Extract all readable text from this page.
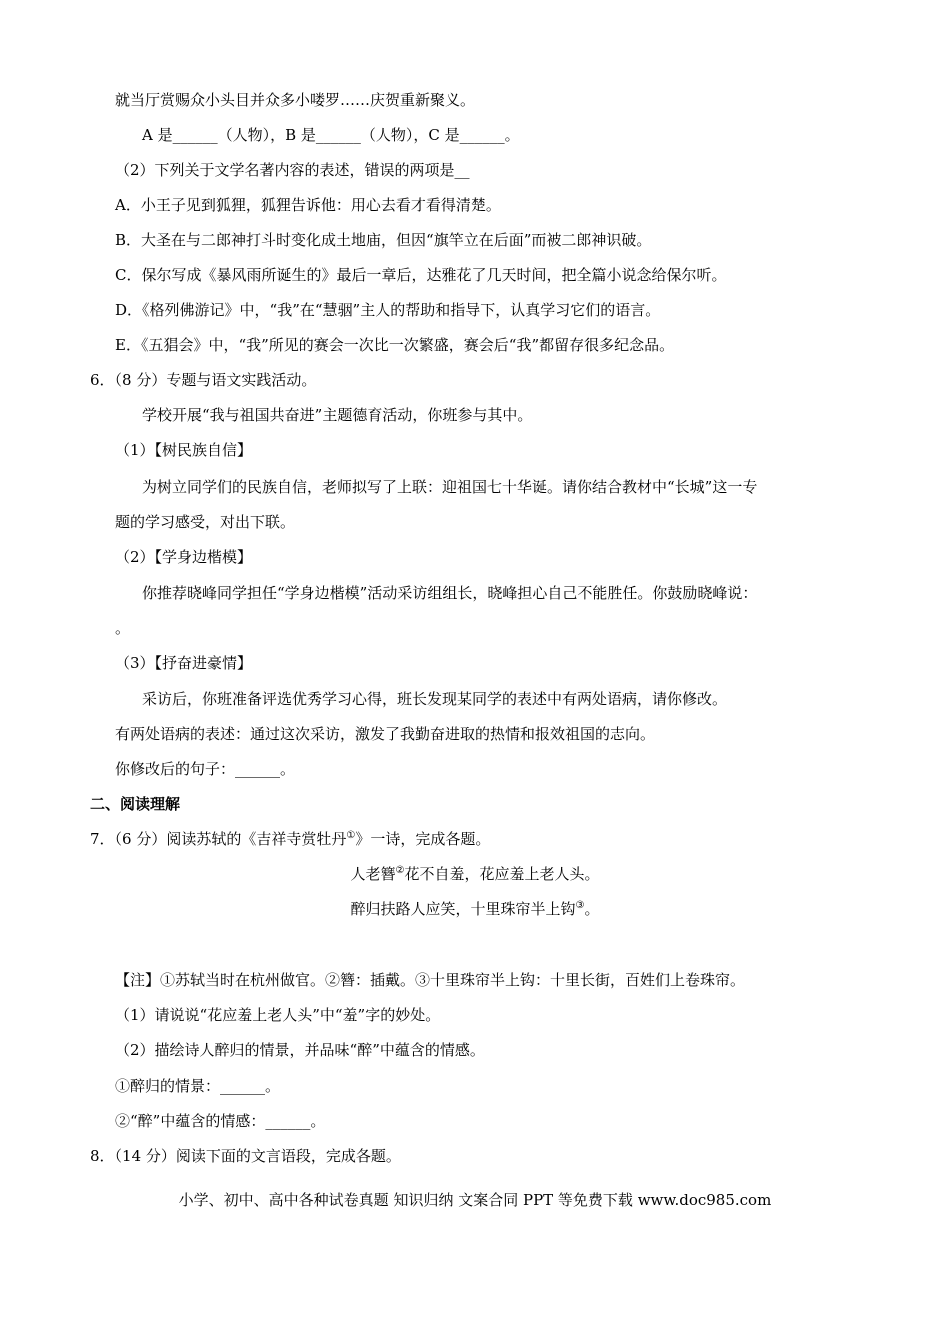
就当厅赏赐众小头目并众多小喽罗……庆贺重新聚义。
A 是______（人物），B 是______（人物），C 是______。
（2）下列关于文学名著内容的表述，错误的两项是__
A．小王子见到狐狸，狐狸告诉他：用心去看才看得清楚。
B．大圣在与二郎神打斗时变化成土地庙，但因“旗竿立在后面”而被二郎神识破。
C．保尔写成《暴风雨所诞生的》最后一章后，达雅花了几天时间，把全篇小说念给保尔听。
D．《格列佛游记》中，“我”在“慧骃”主人的帮助和指导下，认真学习它们的语言。
E．《五猖会》中，“我”所见的赛会一次比一次繁盛，赛会后“我”都留存很多纪念品。
6．（8 分）专题与语文实践活动。
学校开展“我与祖国共奋进”主题德育活动，你班参与其中。
（1）【树民族自信】
为树立同学们的民族自信，老师拟写了上联：迎祖国七十华诞。请你结合教材中“长城”这一专
题的学习感受，对出下联。
（2）【学身边楷模】
你推荐晓峰同学担任“学身边楷模”活动采访组组长，晓峰担心自己不能胜任。你鼓励晓峰说：
。
（3）【抒奋进豪情】
采访后，你班准备评选优秀学习心得，班长发现某同学的表述中有两处语病，请你修改。
有两处语病的表述：通过这次采访，激发了我勤奋进取的热情和报效祖国的志向。
你修改后的句子：______。
二、阅读理解
7．（6 分）阅读苏轼的《吉祥寺赏牡丹①》一诗，完成各题。
人老簪②花不自羞，花应羞上老人头。
醉归扶路人应笑，十里珠帘半上钩③。
【注】①苏轼当时在杭州做官。②簪：插戴。③十里珠帘半上钩：十里长街，百姓们上卷珠帘。
（1）请说说“花应羞上老人头”中“羞”字的妙处。
（2）描绘诗人醉归的情景，并品味“醉”中蕴含的情感。
①醉归的情景：______。
②“醉”中蕴含的情感：______。
8．（14 分）阅读下面的文言语段，完成各题。
小学、初中、高中各种试卷真题 知识归纳 文案合同 PPT 等免费下载 www.doc985.com
